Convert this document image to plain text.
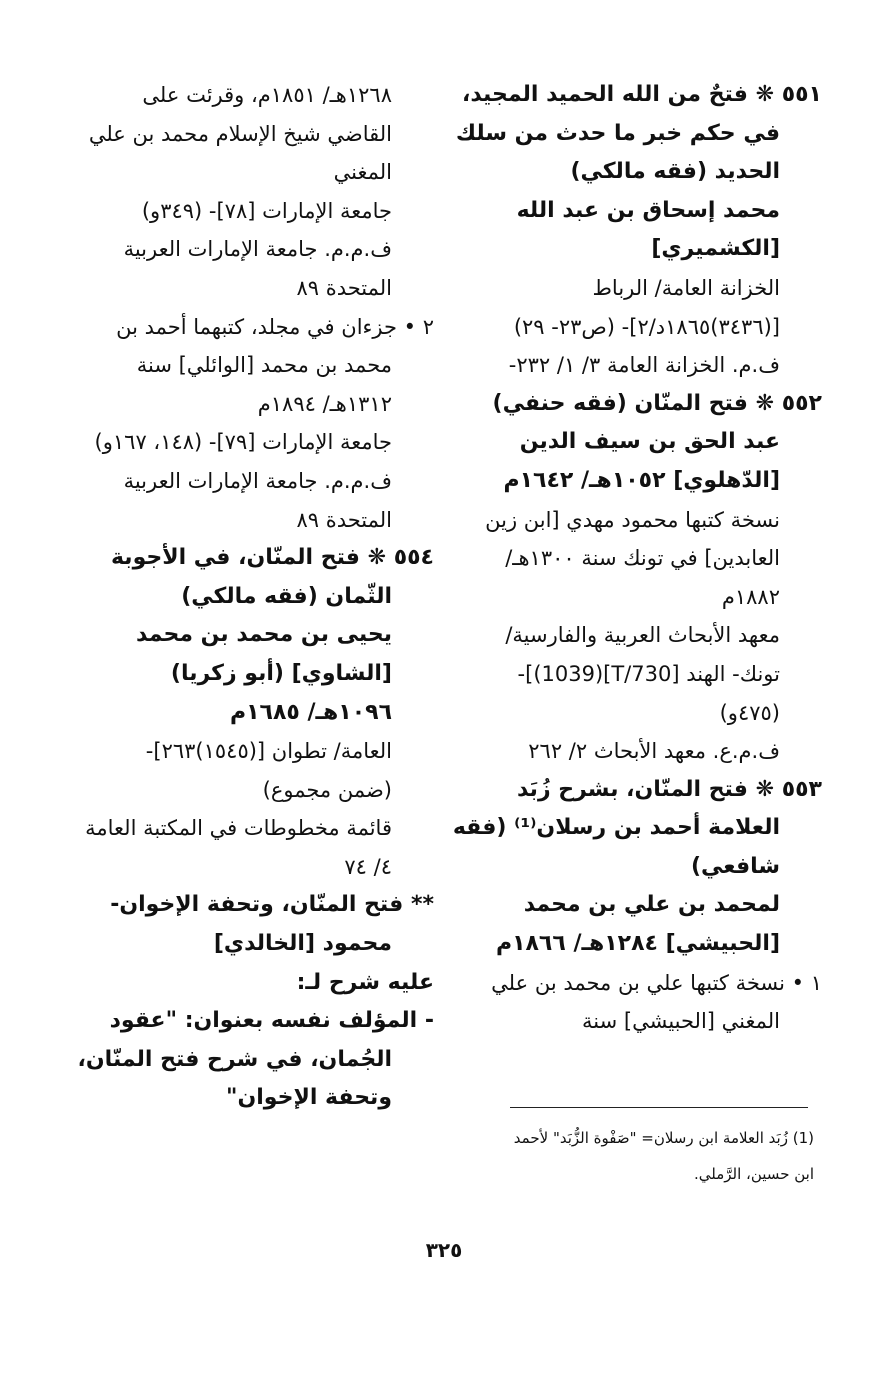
٥٥١ ❋ فتحٌ من الله الحميد المجيد،
في حكم خبر ما حدث من سلك
الحديد (فقه مالكي)
محمد إسحاق بن عبد الله
[الكشميري]
الخزانة العامة/ الرباط
[(٣٤٣٦)١٨٦٥د/٢]- (ص٢٣- ٢٩)
ف.م. الخزانة العامة ٣/ ١/ ٢٣٢-
٥٥٢ ❋ فتح المنّان (فقه حنفي)
عبد الحق بن سيف الدين
[الدّهلوي] ١٠٥٢هـ/ ١٦٤٢م
نسخة كتبها محمود مهدي [ابن زين
العابدين] في تونك سنة ١٣٠٠هـ/
١٨٨٢م
معهد الأبحاث العربية والفارسية/
تونك- الهند [T/730](1039)]-
(٤٧٥و)
ف.م.ع. معهد الأبحاث ٢/ ٢٦٢
٥٥٣ ❋ فتح المنّان، بشرح زُبَد
العلامة أحمد بن رسلان⁽¹⁾ (فقه
شافعي)
لمحمد بن علي بن محمد
[الحبيشي] ١٢٨٤هـ/ ١٨٦٦م
١ • نسخة كتبها علي بن محمد بن علي
المغني [الحبيشي] سنة
١٢٦٨هـ/ ١٨٥١م، وقرئت على
القاضي شيخ الإسلام محمد بن علي
المغني
جامعة الإمارات [٧٨]- (٣٤٩و)
ف.م.م. جامعة الإمارات العربية
المتحدة ٨٩
٢ • جزءان في مجلد، كتبهما أحمد بن
محمد بن محمد [الوائلي] سنة
١٣١٢هـ/ ١٨٩٤م
جامعة الإمارات [٧٩]- (١٤٨، ١٦٧و)
ف.م.م. جامعة الإمارات العربية
المتحدة ٨٩
٥٥٤ ❋ فتح المنّان، في الأجوبة
الثّمان (فقه مالكي)
يحيى بن محمد بن محمد
[الشاوي] (أبو زكريا)
١٠٩٦هـ/ ١٦٨٥م
العامة/ تطوان [(١٥٤٥)٢٦٣]-
(ضمن مجموع)
قائمة مخطوطات في المكتبة العامة
٤/ ٧٤
** فتح المنّان، وتحفة الإخوان-
محمود [الخالدي]
عليه شرح لـ:
- المؤلف نفسه بعنوان: "عقود
الجُمان، في شرح فتح المنّان،
وتحفة الإخوان"
(1) زُبَد العلامة ابن رسلان= "صَفْوة الزُّبَد" لأحمد
ابن حسين، الرَّملي.
٣٢٥
